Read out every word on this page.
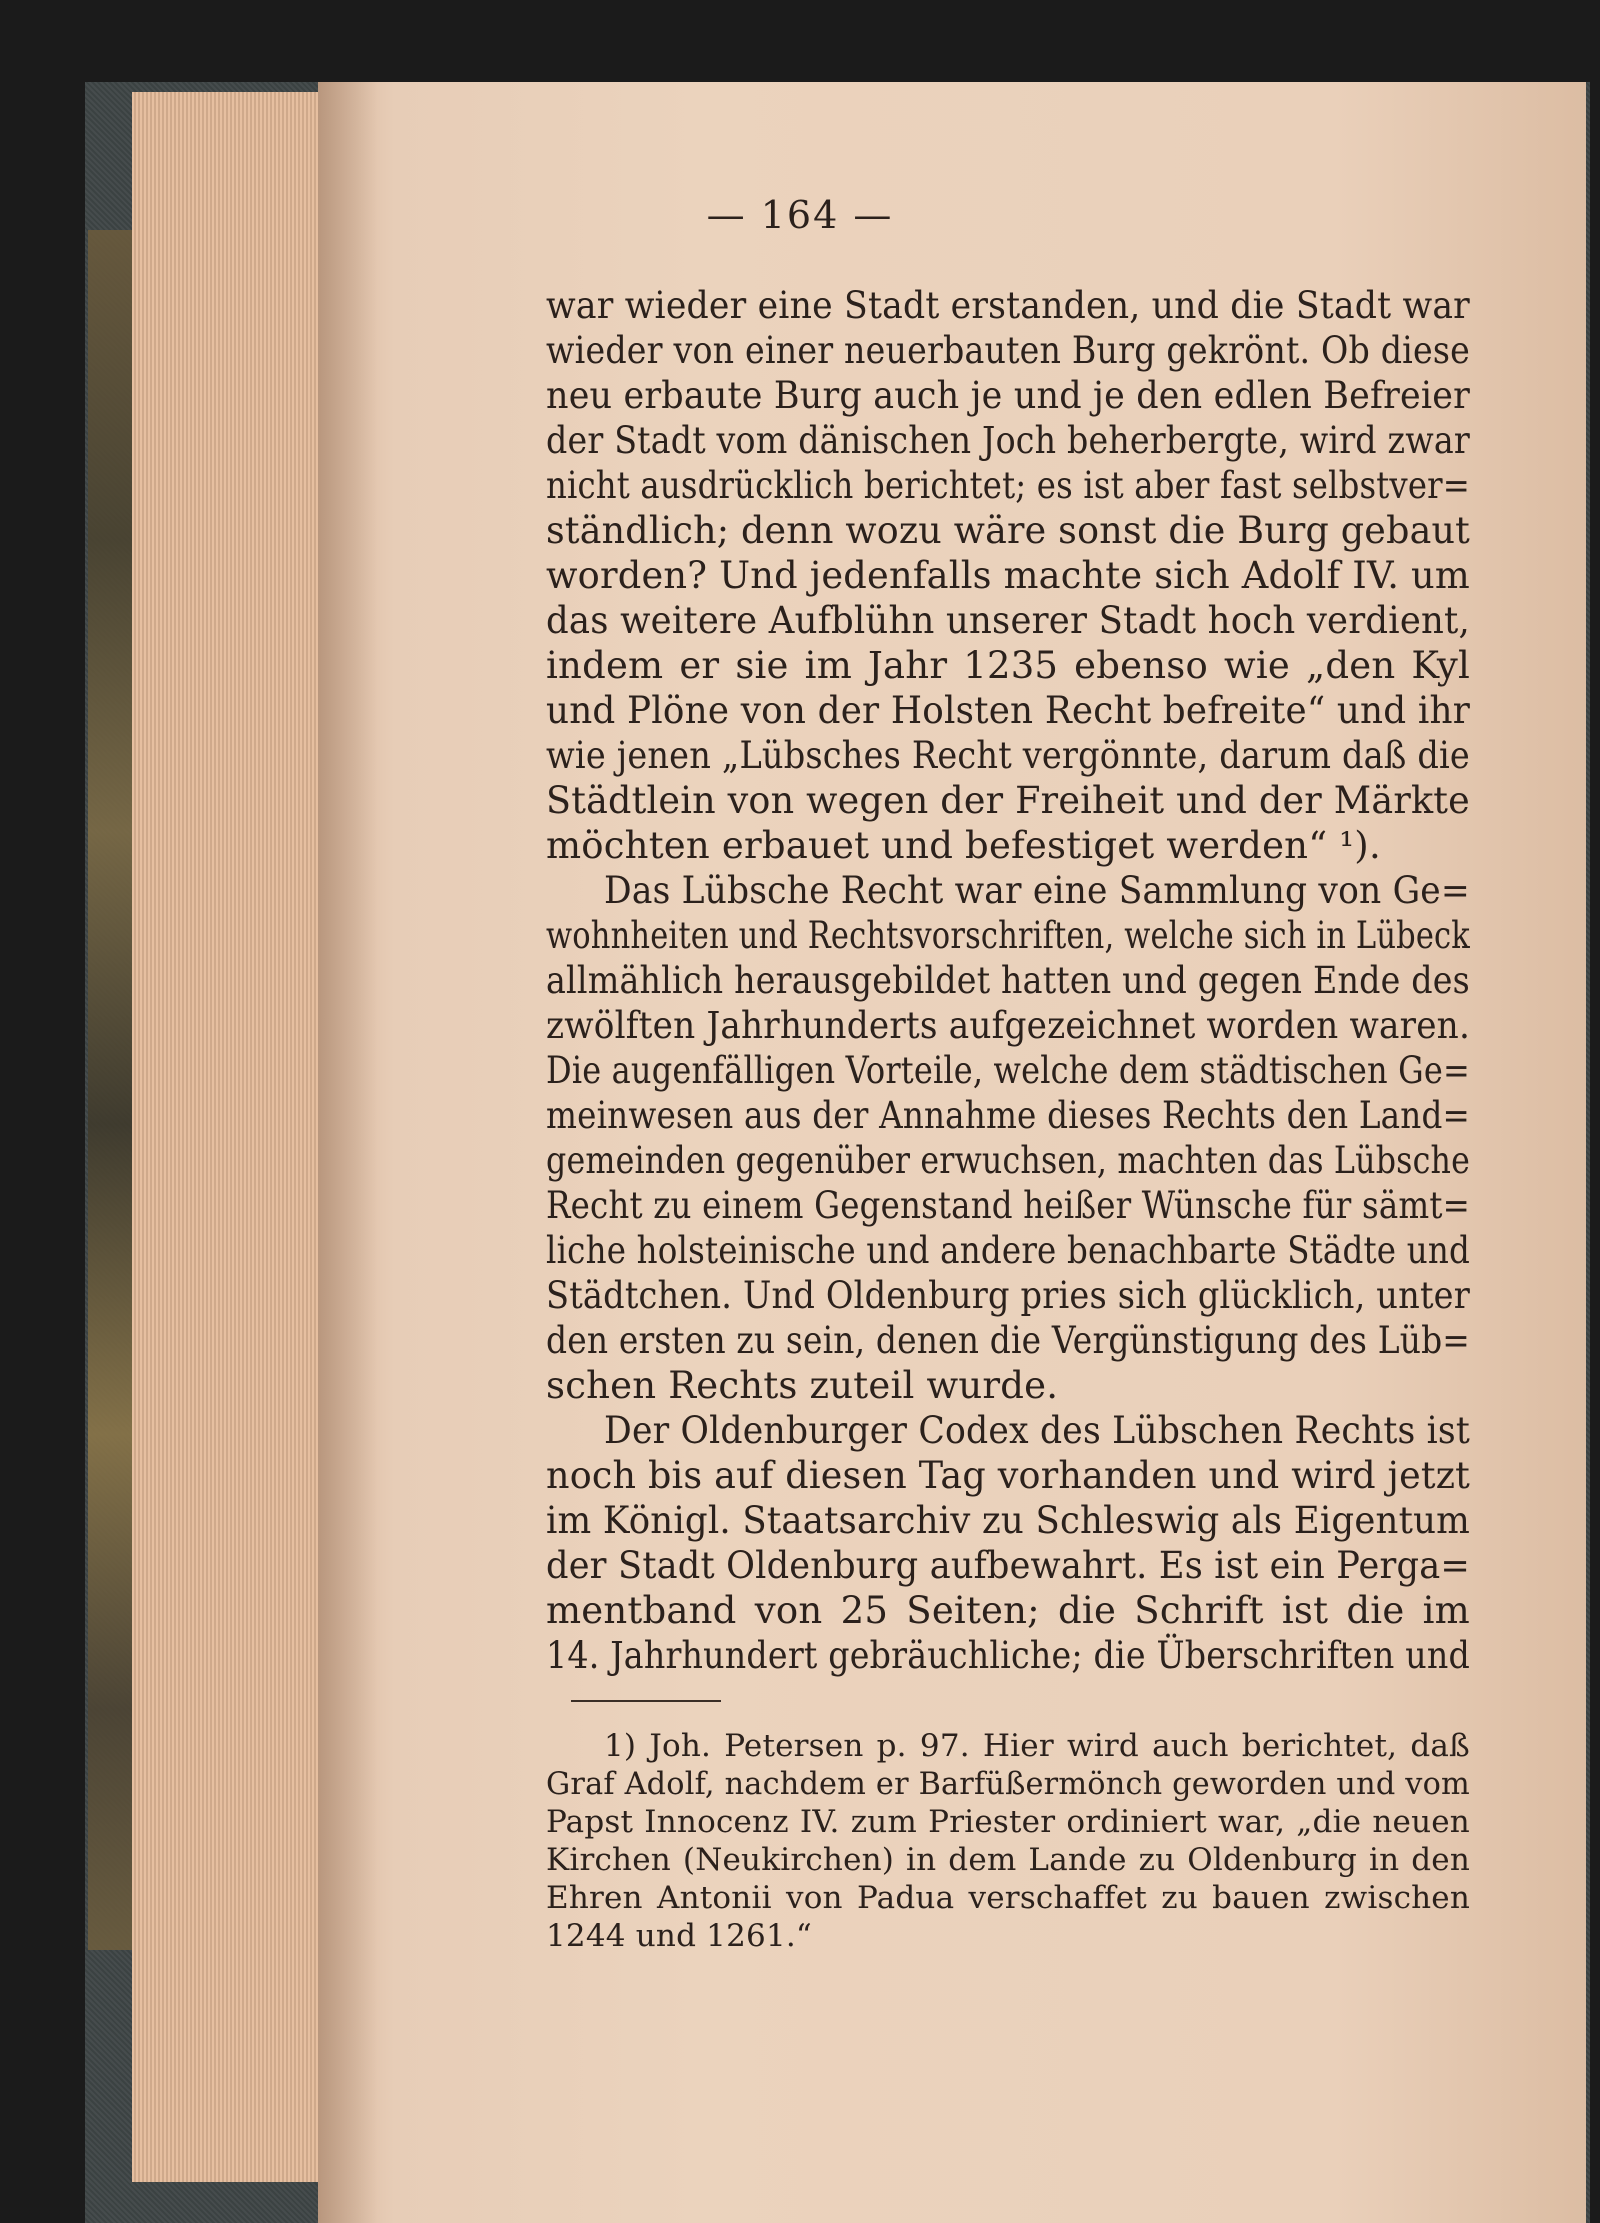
— 164 —
war wieder eine Stadt erstanden, und die Stadt war
wieder von einer neuerbauten Burg gekrönt. Ob diese
neu erbaute Burg auch je und je den edlen Befreier
der Stadt vom dänischen Joch beherbergte, wird zwar
nicht ausdrücklich berichtet; es ist aber fast selbstver=
ständlich; denn wozu wäre sonst die Burg gebaut
worden? Und jedenfalls machte sich Adolf IV. um
das weitere Aufblühn unserer Stadt hoch verdient,
indem er sie im Jahr 1235 ebenso wie „den Kyl
und Plöne von der Holsten Recht befreite“ und ihr
wie jenen „Lübsches Recht vergönnte, darum daß die
Städtlein von wegen der Freiheit und der Märkte
möchten erbauet und befestiget werden“ ¹).
Das Lübsche Recht war eine Sammlung von Ge=
wohnheiten und Rechtsvorschriften, welche sich in Lübeck
allmählich herausgebildet hatten und gegen Ende des
zwölften Jahrhunderts aufgezeichnet worden waren.
Die augenfälligen Vorteile, welche dem städtischen Ge=
meinwesen aus der Annahme dieses Rechts den Land=
gemeinden gegenüber erwuchsen, machten das Lübsche
Recht zu einem Gegenstand heißer Wünsche für sämt=
liche holsteinische und andere benachbarte Städte und
Städtchen. Und Oldenburg pries sich glücklich, unter
den ersten zu sein, denen die Vergünstigung des Lüb=
schen Rechts zuteil wurde.
Der Oldenburger Codex des Lübschen Rechts ist
noch bis auf diesen Tag vorhanden und wird jetzt
im Königl. Staatsarchiv zu Schleswig als Eigentum
der Stadt Oldenburg aufbewahrt. Es ist ein Perga=
mentband von 25 Seiten; die Schrift ist die im
14. Jahrhundert gebräuchliche; die Überschriften und
1) Joh. Petersen p. 97. Hier wird auch berichtet, daß
Graf Adolf, nachdem er Barfüßermönch geworden und vom
Papst Innocenz IV. zum Priester ordiniert war, „die neuen
Kirchen (Neukirchen) in dem Lande zu Oldenburg in den
Ehren Antonii von Padua verschaffet zu bauen zwischen
1244 und 1261.“
